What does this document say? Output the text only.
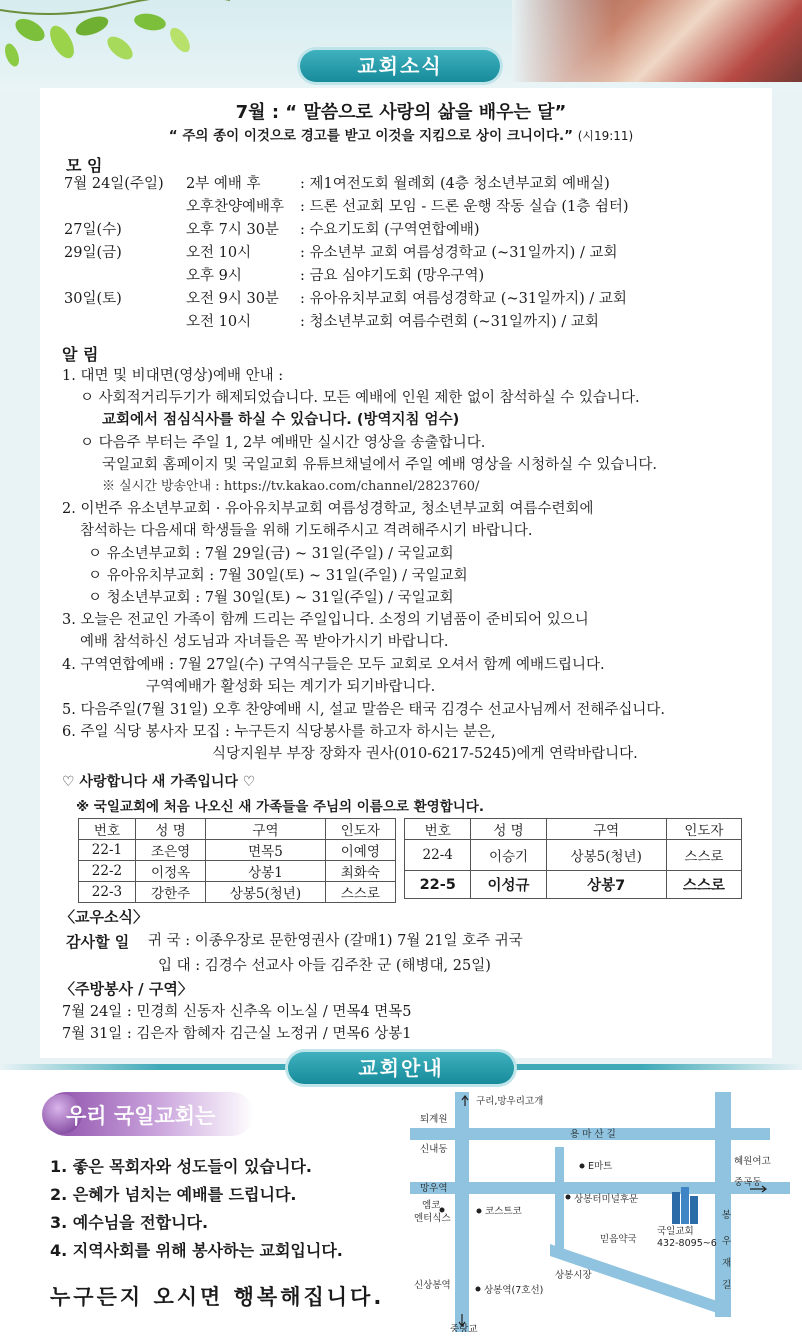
교회소식
7월 : “ 말씀으로 사랑의 삶을 배우는 달”
“ 주의 종이 이것으로 경고를 받고 이것을 지킴으로 상이 크니이다.” (시19:11)
모 임
7월 24일(주일) 2부 예배 후	: 제1여전도회 월례회 (4층 청소년부교회 예배실)
오후찬양예배후 : 드론 선교회 모임 - 드론 운행 작동 실습 (1층 쉼터)
27일(수)	오후 7시 30분 : 수요기도회 (구역연합예배)
29일(금)	오전 10시	: 유소년부 교회 여름성경학교 (~31일까지) / 교회
오후 9시	: 금요 심야기도회 (망우구역)
30일(토)	오전 9시 30분 : 유아유치부교회 여름성경학교 (~31일까지) / 교회
오전 10시	: 청소년부교회 여름수련회 (~31일까지) / 교회
알 림
1. 대면 및 비대면(영상)예배 안내 :
ㅇ 사회적거리두기가 해제되었습니다. 모든 예배에 인원 제한 없이 참석하실 수 있습니다.
교회에서 점심식사를 하실 수 있습니다. (방역지침 엄수)
ㅇ 다음주 부터는 주일 1, 2부 예배만 실시간 영상을 송출합니다.
국일교회 홈페이지 및 국일교회 유튜브채널에서 주일 예배 영상을 시청하실 수 있습니다.
※ 실시간 방송안내 : https://tv.kakao.com/channel/2823760/
2. 이번주 유소년부교회 · 유아유치부교회 여름성경학교, 청소년부교회 여름수련회에
참석하는 다음세대 학생들을 위해 기도해주시고 격려해주시기 바랍니다.
ㅇ 유소년부교회 : 7월 29일(금) ~ 31일(주일) / 국일교회
ㅇ 유아유치부교회 : 7월 30일(토) ~ 31일(주일) / 국일교회
ㅇ 청소년부교회 : 7월 30일(토) ~ 31일(주일) / 국일교회
3. 오늘은 전교인 가족이 함께 드리는 주일입니다. 소정의 기념품이 준비되어 있으니
예배 참석하신 성도님과 자녀들은 꼭 받아가시기 바랍니다.
4. 구역연합예배 : 7월 27일(수) 구역식구들은 모두 교회로 오셔서 함께 예배드립니다.
구역예배가 활성화 되는 계기가 되기바랍니다.
5. 다음주일(7월 31일) 오후 찬양예배 시, 설교 말씀은 태국 김경수 선교사님께서 전해주십니다.
6. 주일 식당 봉사자 모집 : 누구든지 식당봉사를 하고자 하시는 분은,
식당지원부 부장 장화자 권사(010-6217-5245)에게 연락바랍니다.
♡ 사랑합니다 새 가족입니다 ♡
※ 국일교회에 처음 나오신 새 가족들을 주님의 이름으로 환영합니다.
번호	성 명	구역	인도자
22-1	조은영	면목5	이예영
22-2	이정옥	상봉1	최화숙
22-3	강한주	상봉5(청년)	스스로
번호	성 명	구역	인도자
22-4	이승기	상봉5(청년)	스스로
22-5	이성규	상봉7	스스로
〈교우소식〉
감사할 일 귀 국 : 이종우장로 문한영권사 (갈매1) 7월 21일 호주 귀국
입 대 : 김경수 선교사 아들 김주찬 군 (해병대, 25일)
〈주방봉사 / 구역〉
7월 24일 : 민경희 신동자 신추옥 이노실 / 면목4 면목5
7월 31일 : 김은자 함혜자 김근실 노정귀 / 면목6 상봉1
교회안내
우리 국일교회는
1. 좋은 목회자와 성도들이 있습니다.
2. 은혜가 넘치는 예배를 드립니다.
3. 예수님을 전합니다.
4. 지역사회를 위해 봉사하는 교회입니다.
누구든지 오시면 행복해집니다.
구리,망우리고개
퇴계원
용 마 산 길
신내동
E마트	혜원여고
망우역
중곡동
엠코
엔터식스
코스트코
상봉터미널후문
국일교회
432-8095~6
믿음약국
봉
우
재
길
상봉시장
신상봉역	상봉역(7호선)
중랑교
